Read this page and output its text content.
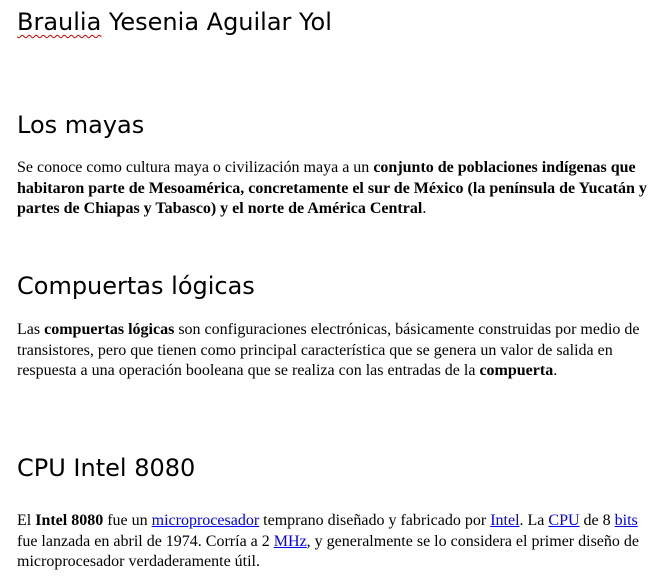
Braulia Yesenia Aguilar Yol
Los mayas

Se conoce como cultura maya o civilización maya a un conjunto de poblaciones indígenas que habitaron parte de Mesoamérica, concretamente el sur de México (la península de Yucatán y partes de Chiapas y Tabasco) y el norte de América Central.

Compuertas lógicas

Las compuertas lógicas son configuraciones electrónicas, básicamente construidas por medio de transistores, pero que tienen como principal característica que se genera un valor de salida en respuesta a una operación booleana que se realiza con las entradas de la compuerta.

CPU Intel 8080

El Intel 8080 fue un microprocesador temprano diseñado y fabricado por Intel. La CPU de 8 bits fue lanzada en abril de 1974. Corría a 2 MHz, y generalmente se lo considera el primer diseño de microprocesador verdaderamente útil.
